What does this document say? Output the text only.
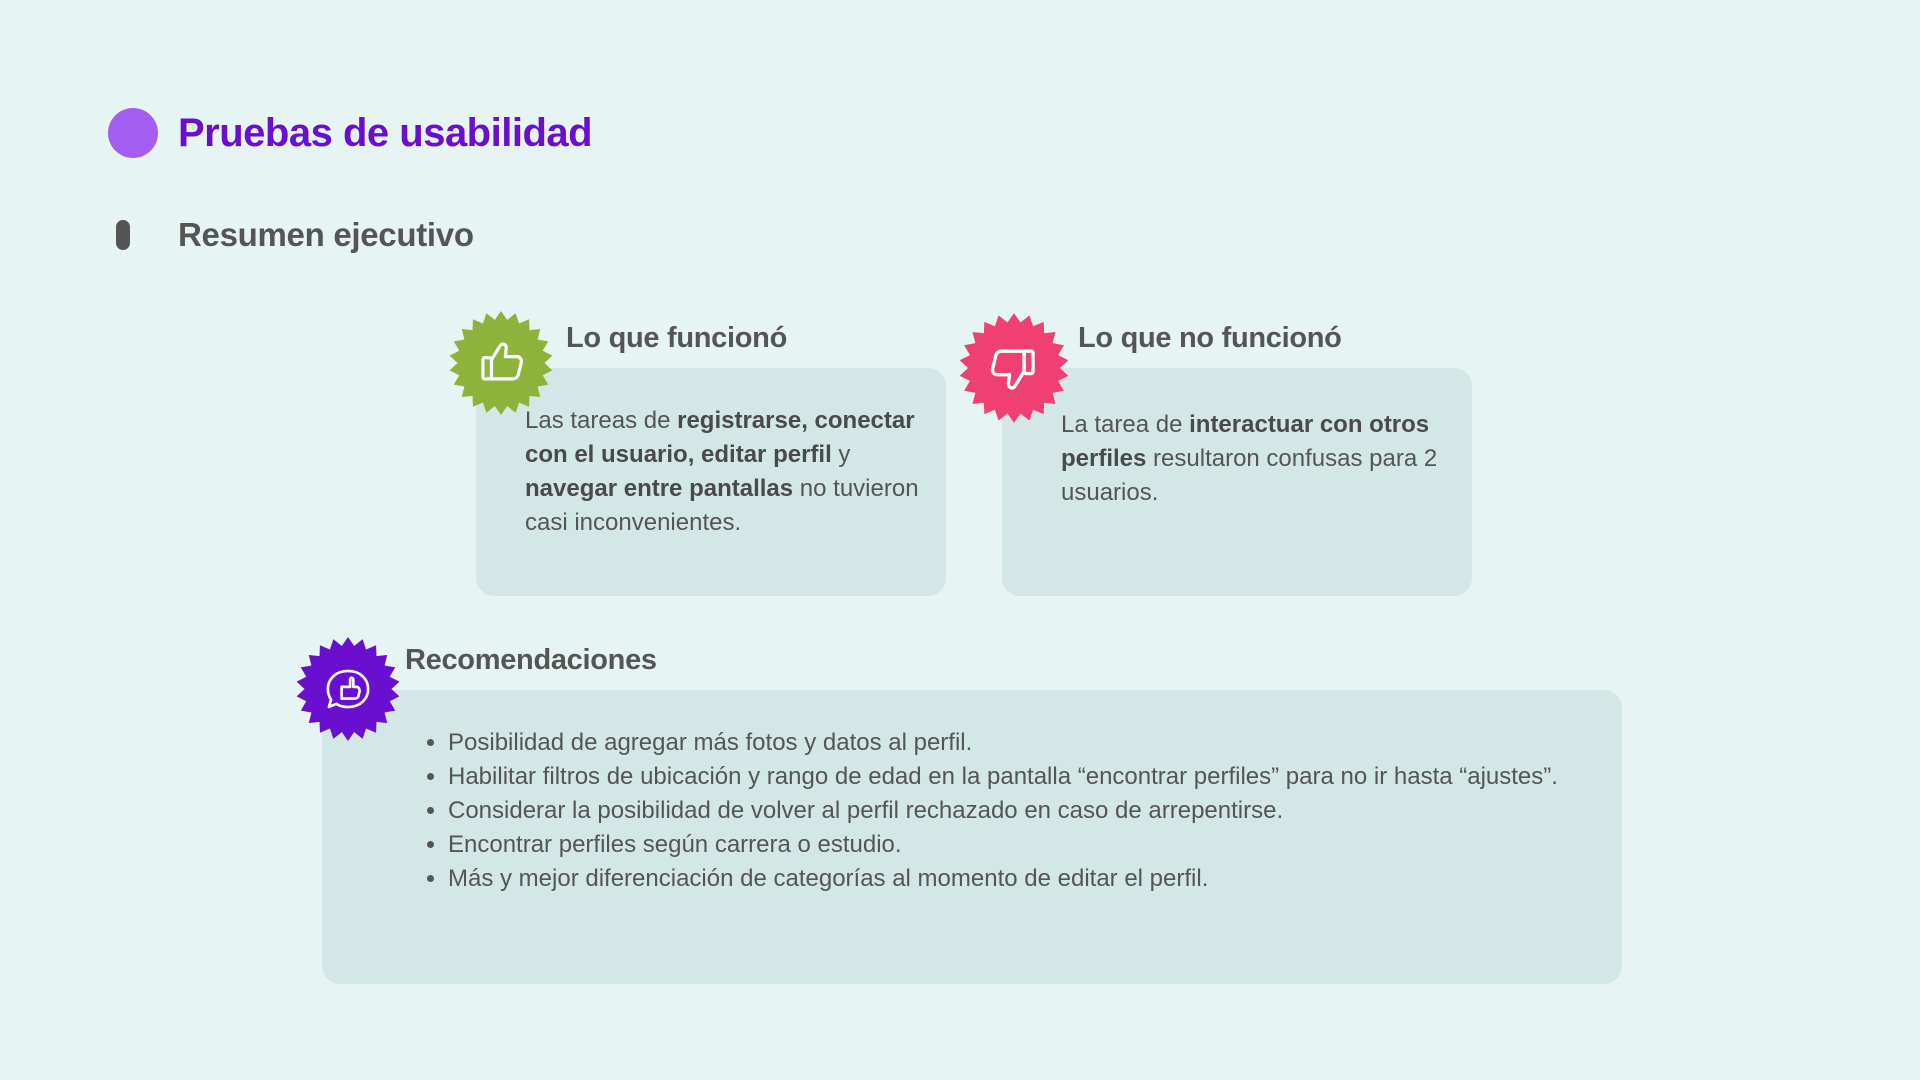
Pruebas de usabilidad
Resumen ejecutivo
Lo que funcionó	Lo que no funcionó
Recomendaciones
Las tareas de registrarse, conectar con el usuario, editar perfil y navegar entre pantallas no tuvieron casi inconvenientes.
La tarea de interactuar con otros perfiles resultaron confusas para 2 usuarios.
• Posibilidad de agregar más fotos y datos al perfil.
• Habilitar filtros de ubicación y rango de edad en la pantalla “encontrar perfiles” para no ir hasta “ajustes”.
• Considerar la posibilidad de volver al perfil rechazado en caso de arrepentirse.
• Encontrar perfiles según carrera o estudio.
• Más y mejor diferenciación de categorías al momento de editar el perfil.
